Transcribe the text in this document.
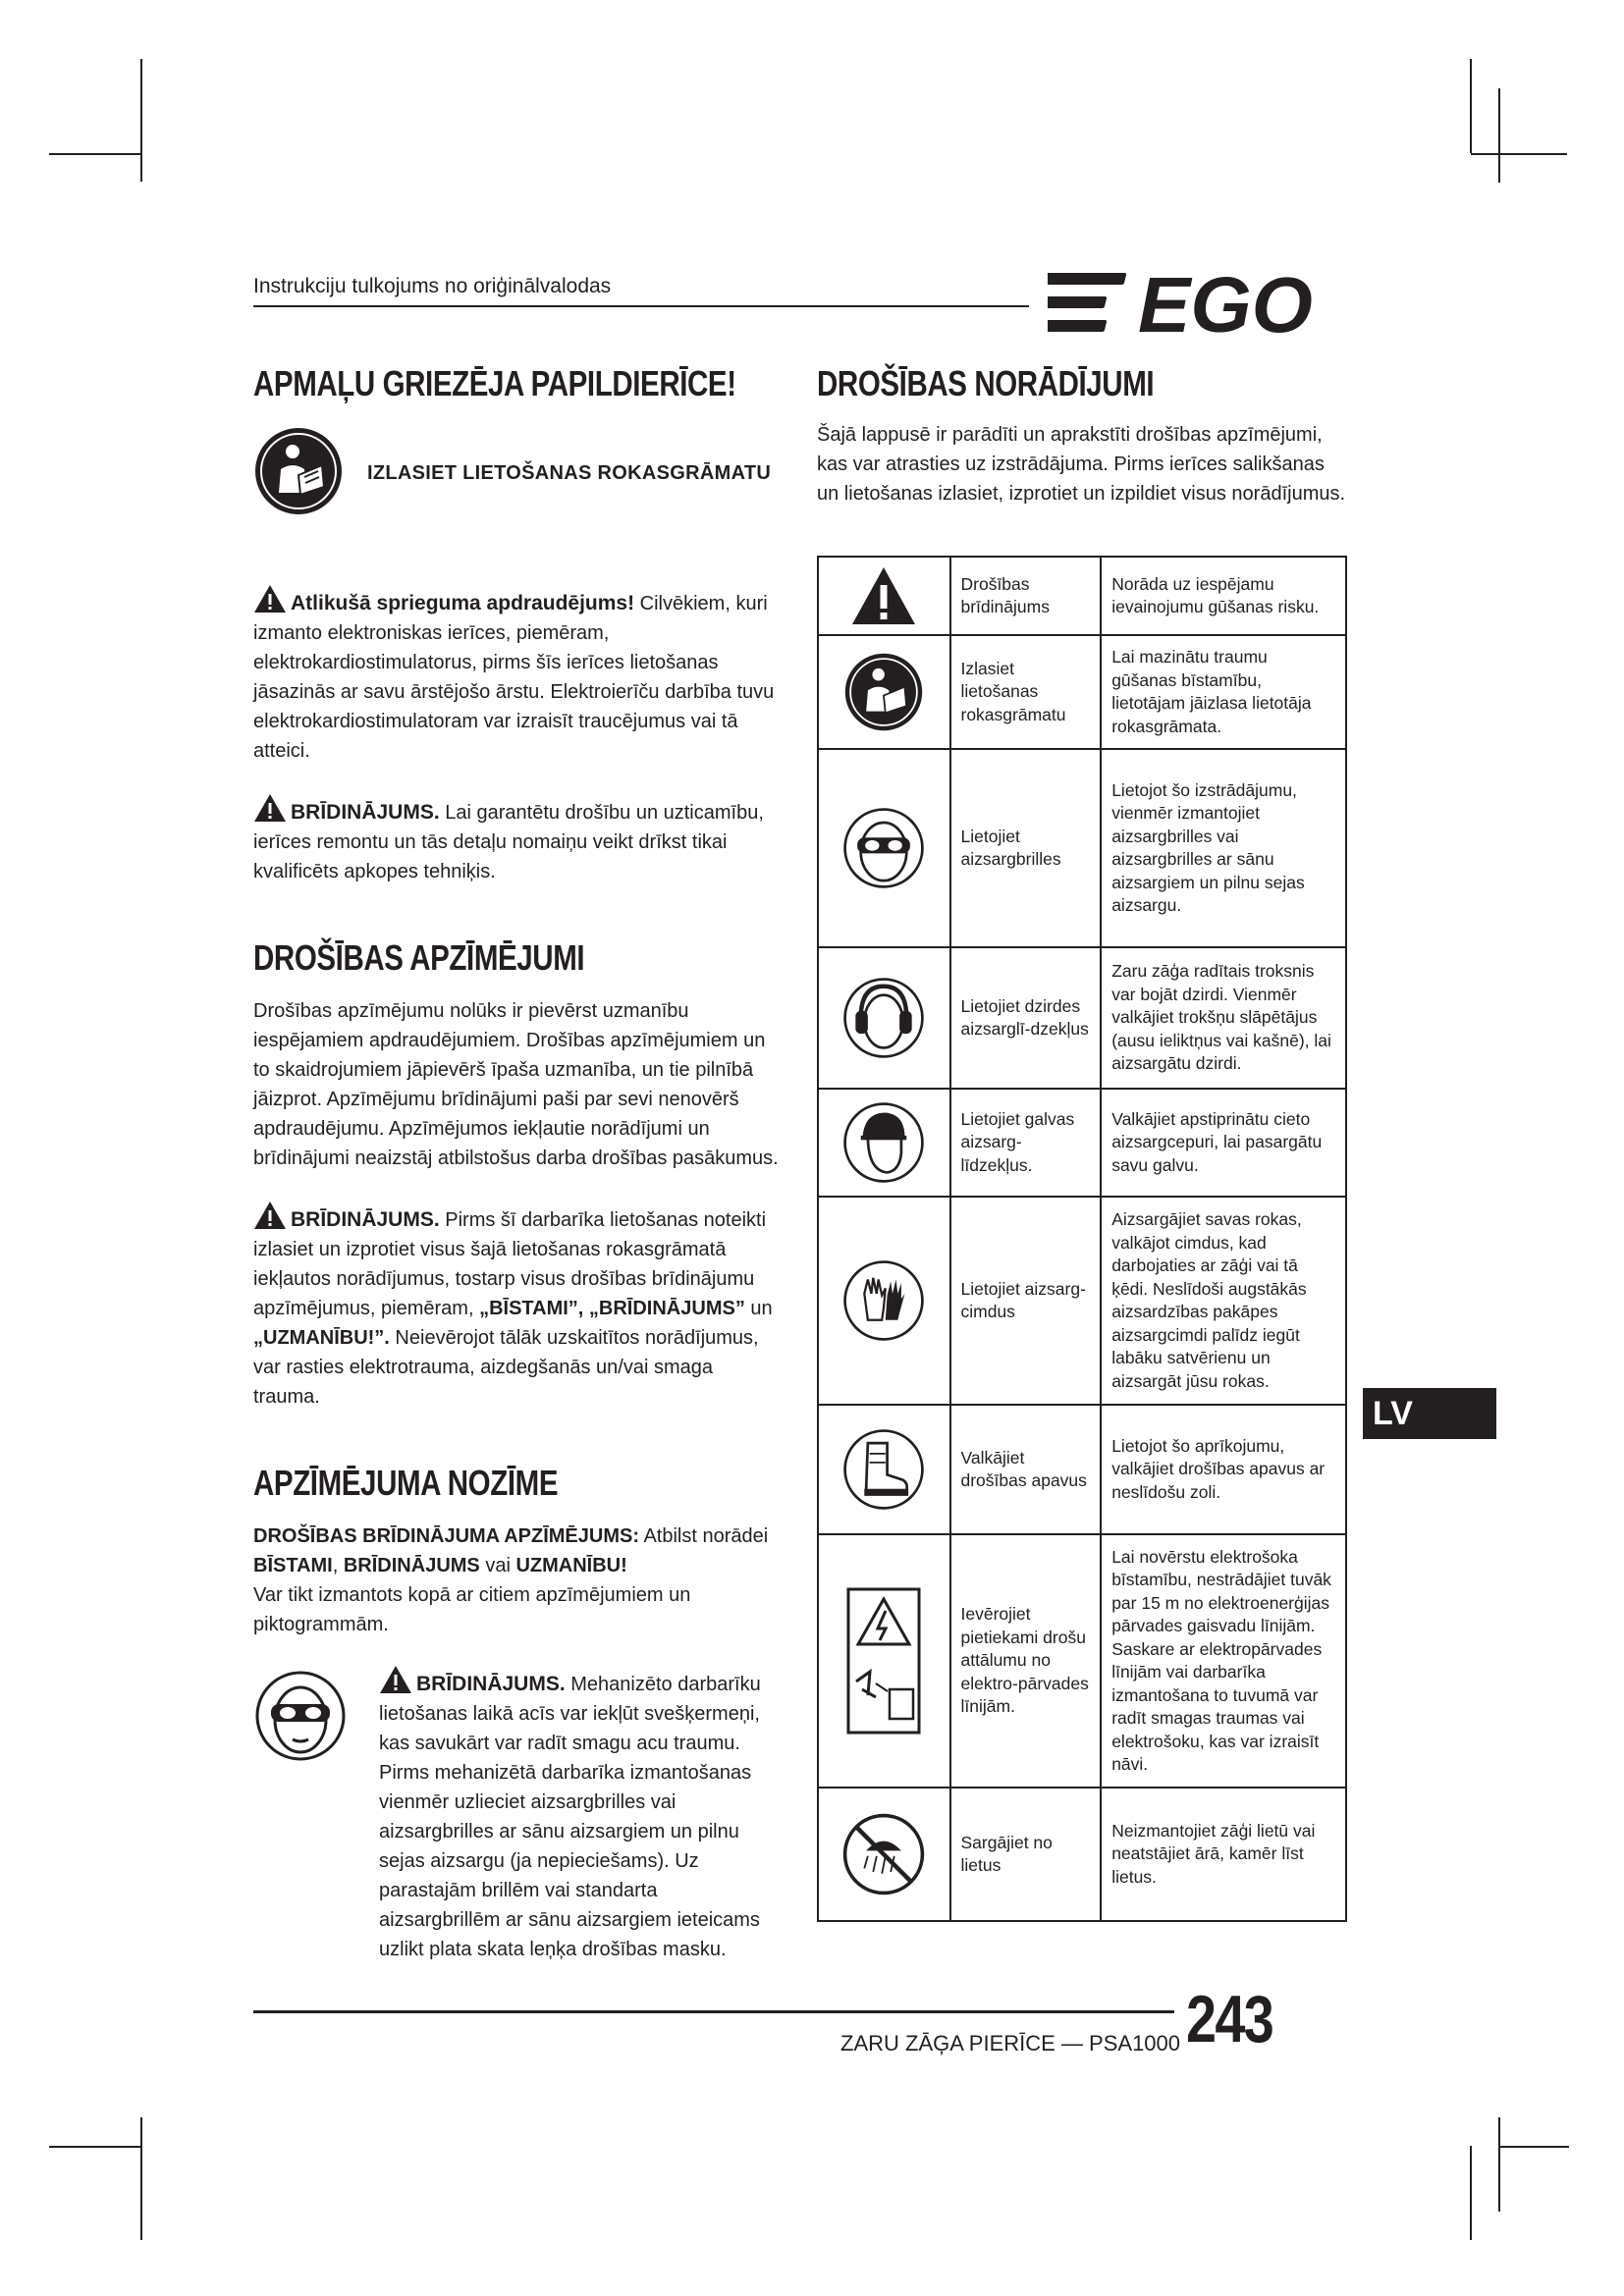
Instrukciju tulkojums no oriģinālvalodas	EGO
APMAĻU GRIEZĒJA PAPILDIERĪCE!
IZLASIET LIETOŠANAS ROKASGRĀMATU

Atlikušā sprieguma apdraudējums! Cilvēkiem, kuri izmanto elektroniskas ierīces, piemēram, elektrokardiostimulatorus, pirms šīs ierīces lietošanas jāsazinās ar savu ārstējošo ārstu. Elektroierīču darbība tuvu elektrokardiostimulatoram var izraisīt traucējumus vai tā atteici.

BRĪDINĀJUMS. Lai garantētu drošību un uzticamību, ierīces remontu un tās detaļu nomaiņu veikt drīkst tikai kvalificēts apkopes tehniķis.

DROŠĪBAS APZĪMĒJUMI

Drošības apzīmējumu nolūks ir pievērst uzmanību iespējamiem apdraudējumiem. Drošības apzīmējumiem un to skaidrojumiem jāpievērš īpaša uzmanība, un tie pilnībā jāizprot. Apzīmējumu brīdinājumi paši par sevi nenovērš apdraudējumu. Apzīmējumos iekļautie norādījumi un brīdinājumi neaizstāj atbilstošus darba drošības pasākumus.

BRĪDINĀJUMS. Pirms šī darbarīka lietošanas noteikti izlasiet un izprotiet visus šajā lietošanas rokasgrāmatā iekļautos norādījumus, tostarp visus drošības brīdinājumu apzīmējumus, piemēram, „BĪSTAMI”, „BRĪDINĀJUMS” un „UZMANĪBU!”. Neievērojot tālāk uzskaitītos norādījumus, var rasties elektrotrauma, aizdegšanās un/vai smaga trauma.

APZĪMĒJUMA NOZĪME

DROŠĪBAS BRĪDINĀJUMA APZĪMĒJUMS: Atbilst norādei BĪSTAMI, BRĪDINĀJUMS vai UZMANĪBU!
Var tikt izmantots kopā ar citiem apzīmējumiem un piktogrammām.

BRĪDINĀJUMS. Mehanizēto darbarīku lietošanas laikā acīs var iekļūt svešķermeņi, kas savukārt var radīt smagu acu traumu. Pirms mehanizētā darbarīka izmantošanas vienmēr uzlieciet aizsargbrilles vai aizsargbrilles ar sānu aizsargiem un pilnu sejas aizsargu (ja nepieciešams). Uz parastajām brillēm vai standarta aizsargbrillēm ar sānu aizsargiem ieteicams uzlikt plata skata leņķa drošības masku.

DROŠĪBAS NORĀDĪJUMI

Šajā lappusē ir parādīti un aprakstīti drošības apzīmējumi, kas var atrasties uz izstrādājuma. Pirms ierīces salikšanas un lietošanas izlasiet, izprotiet un izpildiet visus norādījumus.

	Drošības brīdinājums	Norāda uz iespējamu ievainojumu gūšanas risku.

	Izlasiet lietošanas rokasgrāmatu	Lai mazinātu traumu gūšanas bīstamību, lietotājam jāizlasa lietotāja rokasgrāmata.

	Lietojiet aizsargbrilles	Lietojot šo izstrādājumu, vienmēr izmantojiet aizsargbrilles vai aizsargbrilles ar sānu aizsargiem un pilnu sejas aizsargu.

	Lietojiet dzirdes aizsarglī-dzekļus	Zaru zāģa radītais troksnis var bojāt dzirdi. Vienmēr valkājiet trokšņu slāpētājus (ausu ieliktņus vai kašnē), lai aizsargātu dzirdi.

	Lietojiet galvas aizsarg-līdzekļus.	Valkājiet apstiprinātu cieto aizsargcepuri, lai pasargātu savu galvu.

	Lietojiet aizsarg-cimdus	Aizsargājiet savas rokas, valkājot cimdus, kad darbojaties ar zāģi vai tā ķēdi. Neslīdoši augstākās aizsardzības pakāpes aizsargcimdi palīdz iegūt labāku satvērienu un aizsargāt jūsu rokas.

	Valkājiet drošības apavus	Lietojot šo aprīkojumu, valkājiet drošības apavus ar neslīdošu zoli.

	Ievērojiet pietiekami drošu attālumu no elektro-pārvades līnijām.	Lai novērstu elektrošoka bīstamību, nestrādājiet tuvāk par 15 m no elektroenerģijas pārvades gaisvadu līnijām. Saskare ar elektropārvades līnijām vai darbarīka izmantošana to tuvumā var radīt smagas traumas vai elektrošoku, kas var izraisīt nāvi.

	Sargājiet no lietus	Neizmantojiet zāģi lietū vai neatstājiet ārā, kamēr līst lietus.
LV
ZARU ZĀĢA PIERĪCE — PSA1000 243
